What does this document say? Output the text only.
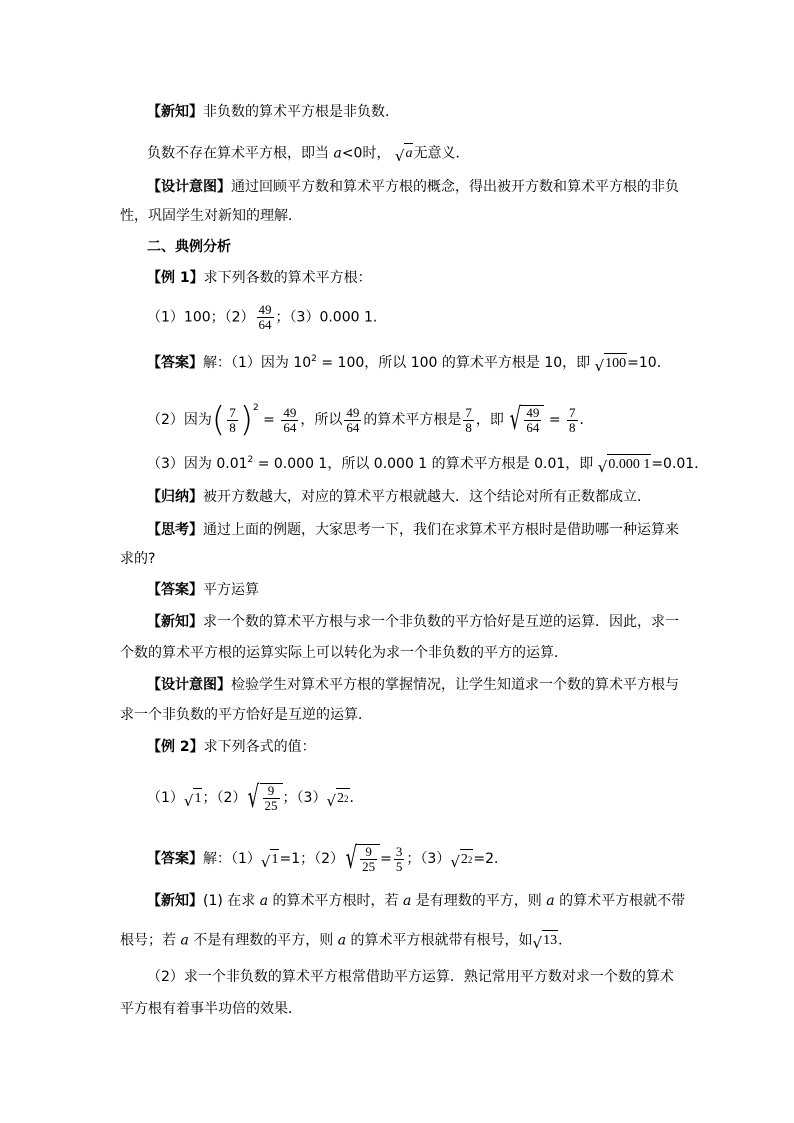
【新知】非负数的算术平方根是非负数．
负数不存在算术平方根，即当 a<0时， √ a 无意义．
【设计意图】通过回顾平方数和算术平方根的概念，得出被开方数和算术平方根的非负
性，巩固学生对新知的理解．
二、典例分析
【例 1】求下列各数的算术平方根：
（1）100；$(2) \frac{49}{64}$ ；（3）0.000 1.
【答案】解：（1）因为 $10^2 = 100$，所以 100 的算术平方根是 10，即 √ 100 =10．
（2）因为( $\frac{7}{8} )^2 = \frac{49}{64}$ ，所以 $\frac{49}{64}$ 的算术平方根是 $\frac{7}{8}$ ，即 √ $\frac{49}{64} = \frac{7}{8}$ ．
（3）因为 $0.01^2 = 0.000$ 1，所以 0.000 1 的算术平方根是 0.01，即 √ 0.000 1 =0.01．
【归纳】被开方数越大，对应的算术平方根就越大．这个结论对所有正数都成立．
【思考】通过上面的例题，大家思考一下，我们在求算术平方根时是借助哪一种运算来
求的?
【答案】平方运算
【新知】求一个数的算术平方根与求一个非负数的平方恰好是互逆的运算．因此，求一
个数的算术平方根的运算实际上可以转化为求一个非负数的平方的运算．
【设计意图】检验学生对算术平方根的掌握情况，让学生知道求一个数的算术平方根与
求一个非负数的平方恰好是互逆的运算．
【例 2】求下列各式的值：
（1） √ 1 ；（2） √ $\frac{9}{25}$ ；（3） √ 2 2 ．
【答案】解：（1） √ 1 =1；（2） √ $\frac{9}{25} = \frac{3}{5}$ ；（3） √ 2 2 =2．
【新知】(1) 在求 a 的算术平方根时，若 a 是有理数的平方，则 a 的算术平方根就不带
根号；若 a 不是有理数的平方，则 a 的算术平方根就带有根号，如 √ 13 ．
（2）求一个非负数的算术平方根常借助平方运算．熟记常用平方数对求一个数的算术
平方根有着事半功倍的效果．
